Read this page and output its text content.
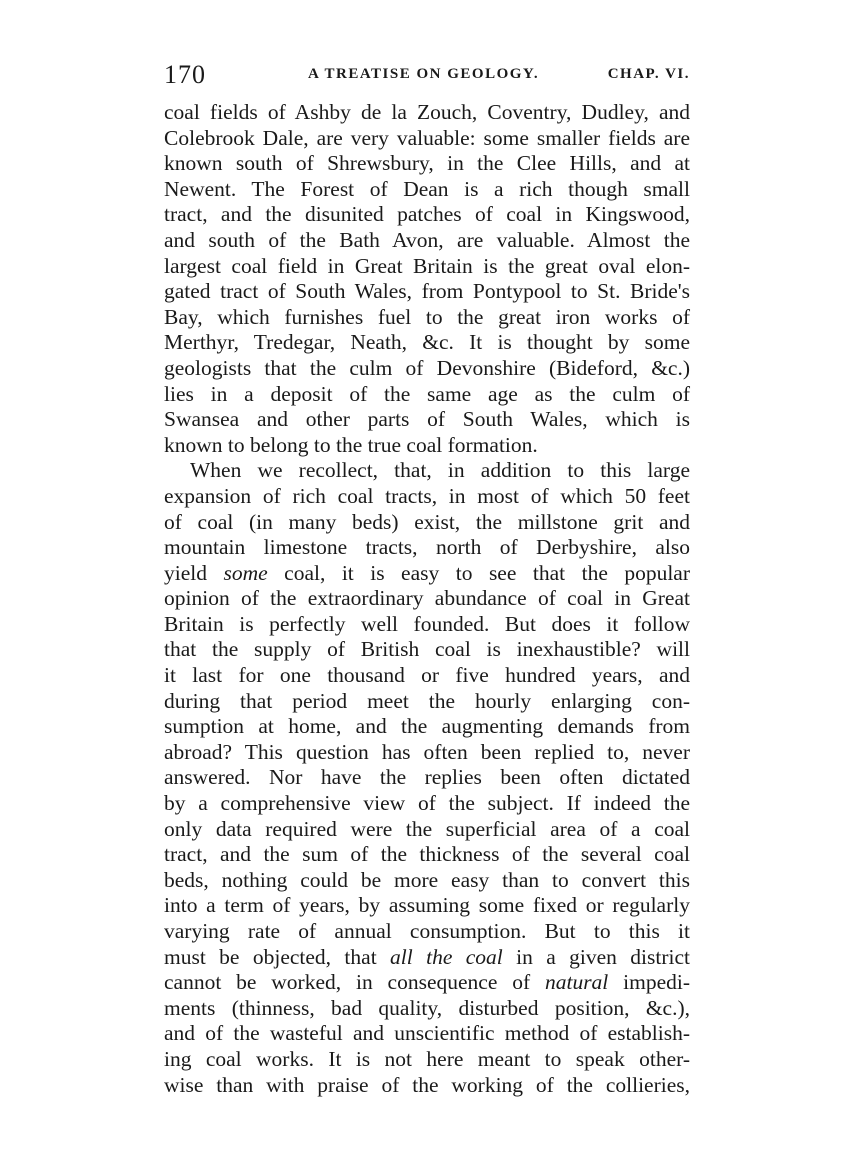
170	A TREATISE ON GEOLOGY.	CHAP. VI.
coal fields of Ashby de la Zouch, Coventry, Dudley, and
Colebrook Dale, are very valuable: some smaller fields are
known south of Shrewsbury, in the Clee Hills, and at
Newent. The Forest of Dean is a rich though small
tract, and the disunited patches of coal in Kingswood,
and south of the Bath Avon, are valuable. Almost the
largest coal field in Great Britain is the great oval elon-
gated tract of South Wales, from Pontypool to St. Bride's
Bay, which furnishes fuel to the great iron works of
Merthyr, Tredegar, Neath, &c. It is thought by some
geologists that the culm of Devonshire (Bideford, &c.)
lies in a deposit of the same age as the culm of
Swansea and other parts of South Wales, which is
known to belong to the true coal formation.
When we recollect, that, in addition to this large
expansion of rich coal tracts, in most of which 50 feet
of coal (in many beds) exist, the millstone grit and
mountain limestone tracts, north of Derbyshire, also
yield some coal, it is easy to see that the popular
opinion of the extraordinary abundance of coal in Great
Britain is perfectly well founded. But does it follow
that the supply of British coal is inexhaustible? will
it last for one thousand or five hundred years, and
during that period meet the hourly enlarging con-
sumption at home, and the augmenting demands from
abroad? This question has often been replied to, never
answered. Nor have the replies been often dictated
by a comprehensive view of the subject. If indeed the
only data required were the superficial area of a coal
tract, and the sum of the thickness of the several coal
beds, nothing could be more easy than to convert this
into a term of years, by assuming some fixed or regularly
varying rate of annual consumption. But to this it
must be objected, that all the coal in a given district
cannot be worked, in consequence of natural impedi-
ments (thinness, bad quality, disturbed position, &c.),
and of the wasteful and unscientific method of establish-
ing coal works. It is not here meant to speak other-
wise than with praise of the working of the collieries,
